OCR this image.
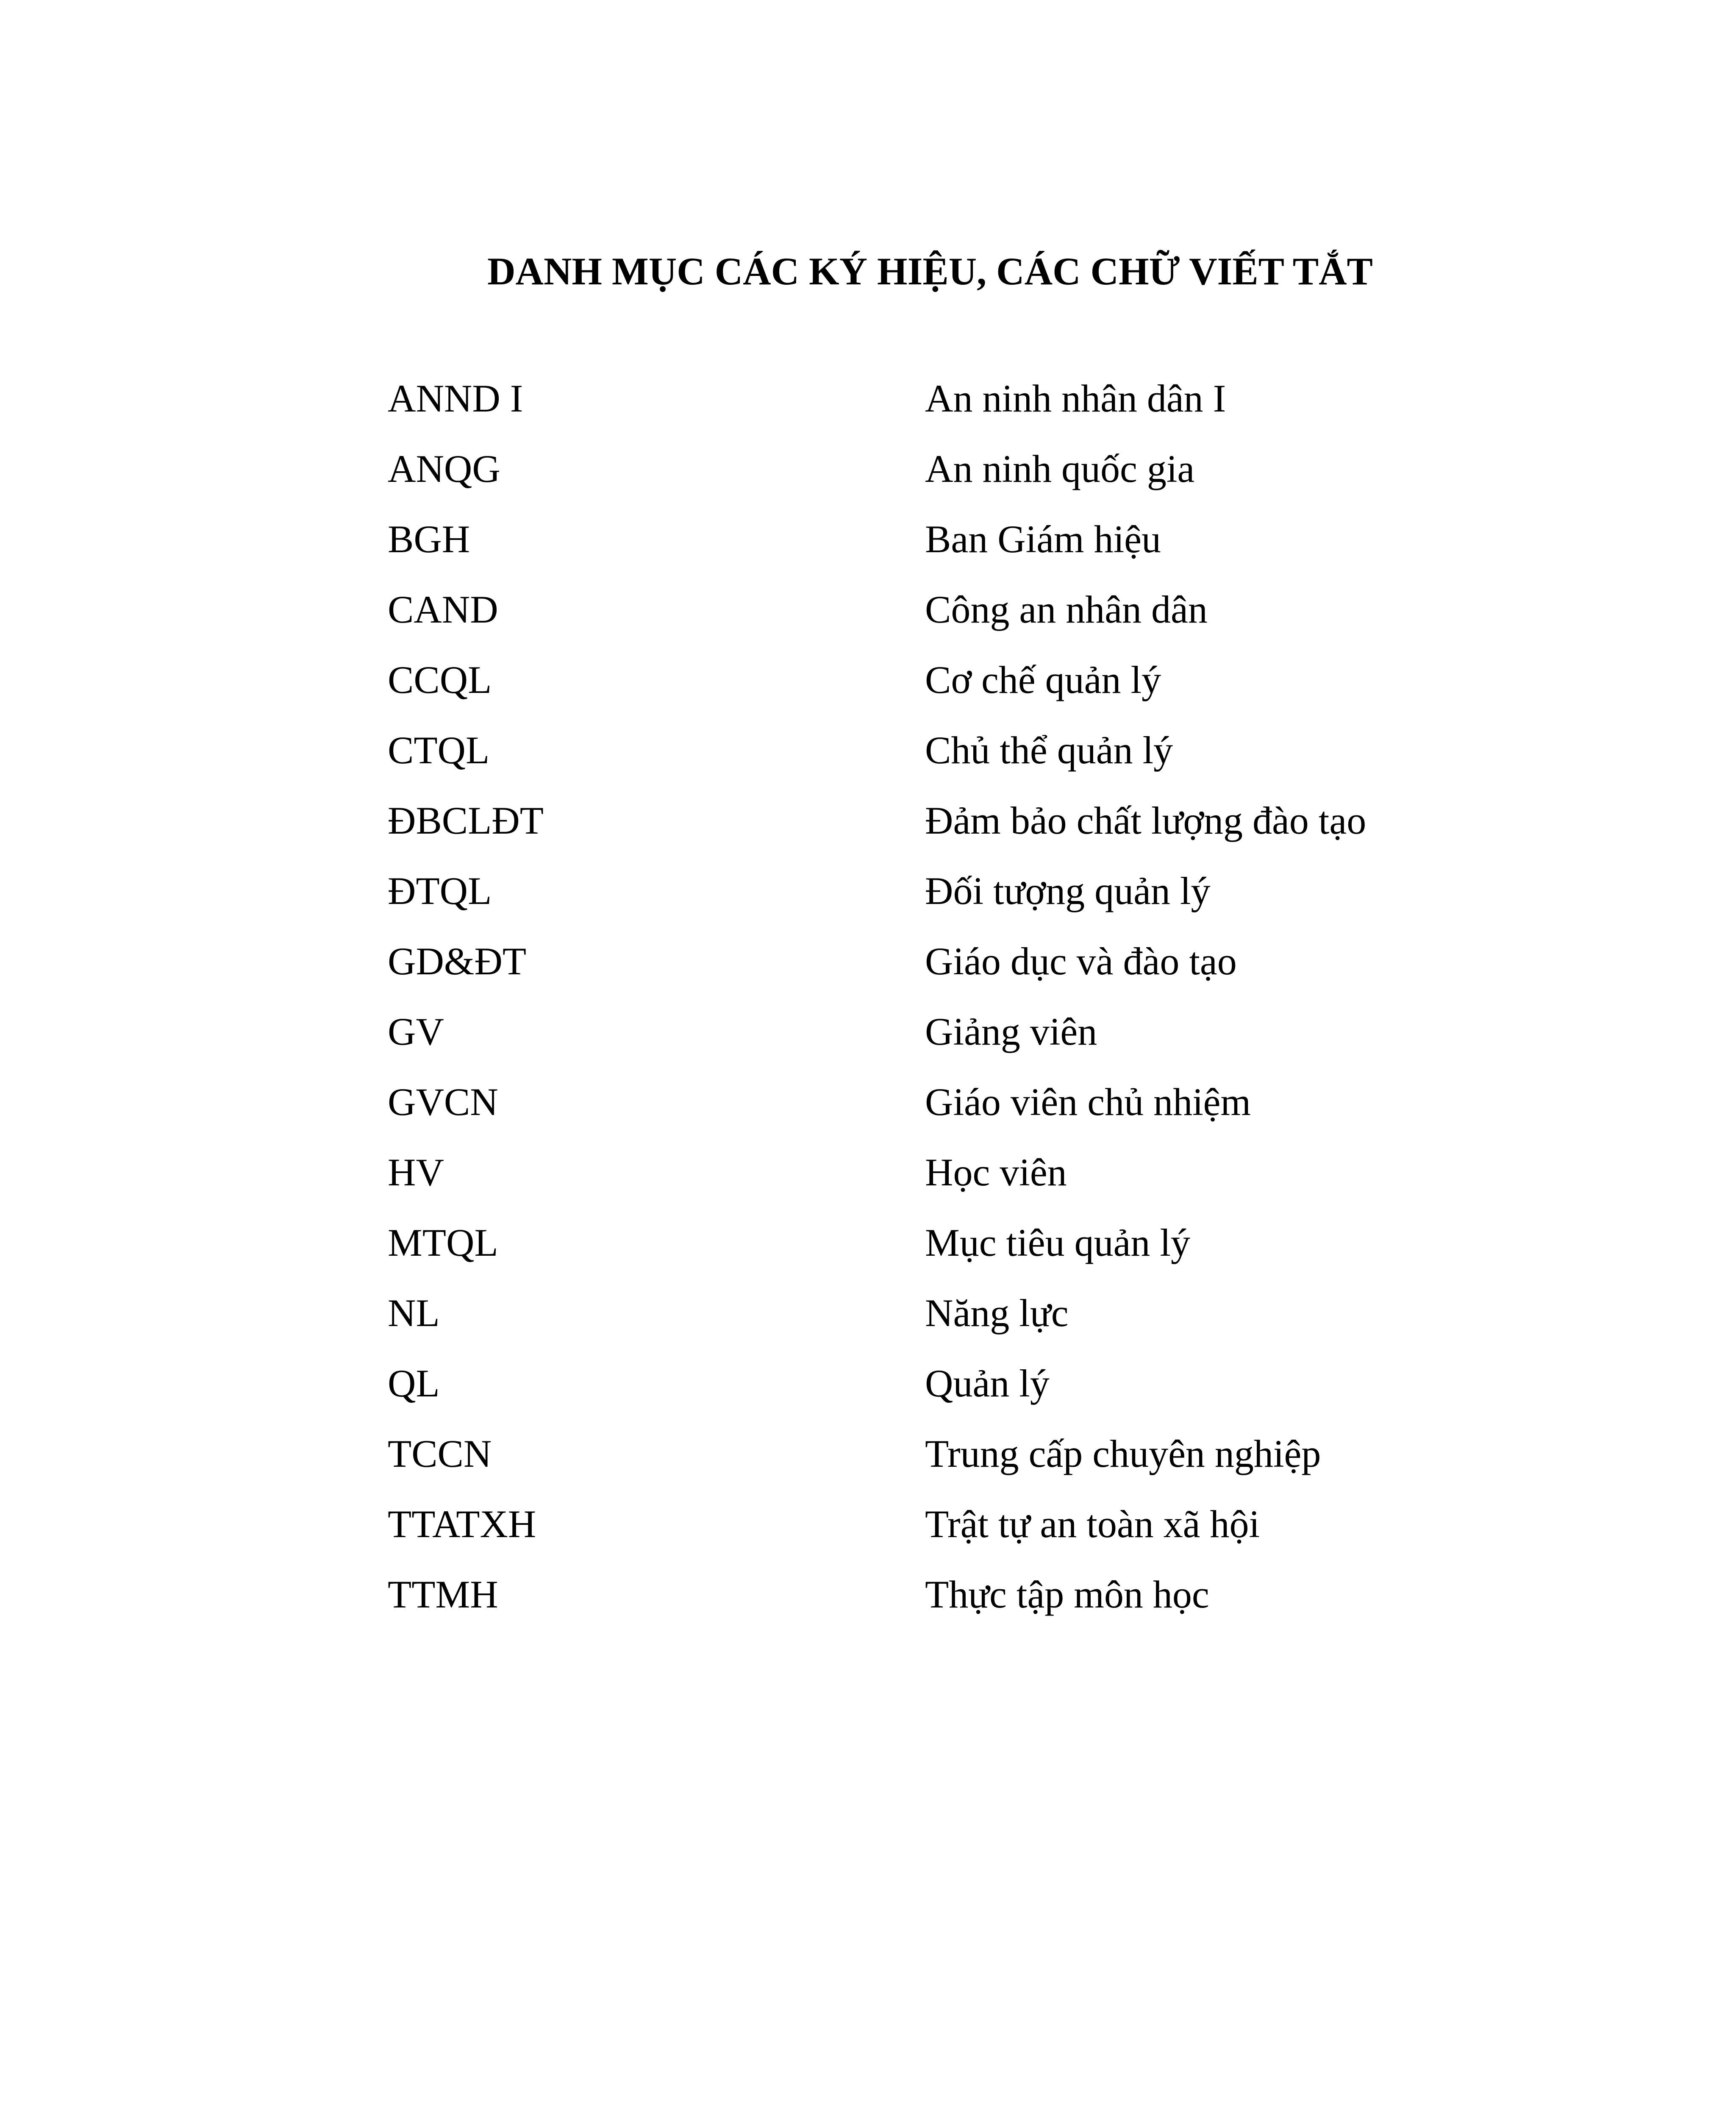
DANH MỤC CÁC KÝ HIỆU, CÁC CHỮ VIẾT TẮT
ANND I	An ninh nhân dân I
ANQG	An ninh quốc gia
BGH	Ban Giám hiệu
CAND	Công an nhân dân
CCQL	Cơ chế quản lý
CTQL	Chủ thể quản lý
ĐBCLĐT	Đảm bảo chất lượng đào tạo
ĐTQL	Đối tượng quản lý
GD&ĐT	Giáo dục và đào tạo
GV	Giảng viên
GVCN	Giáo viên chủ nhiệm
HV	Học viên
MTQL	Mục tiêu quản lý
NL	Năng lực
QL	Quản lý
TCCN	Trung cấp chuyên nghiệp
TTATXH	Trật tự an toàn xã hội
TTMH	Thực tập môn học
